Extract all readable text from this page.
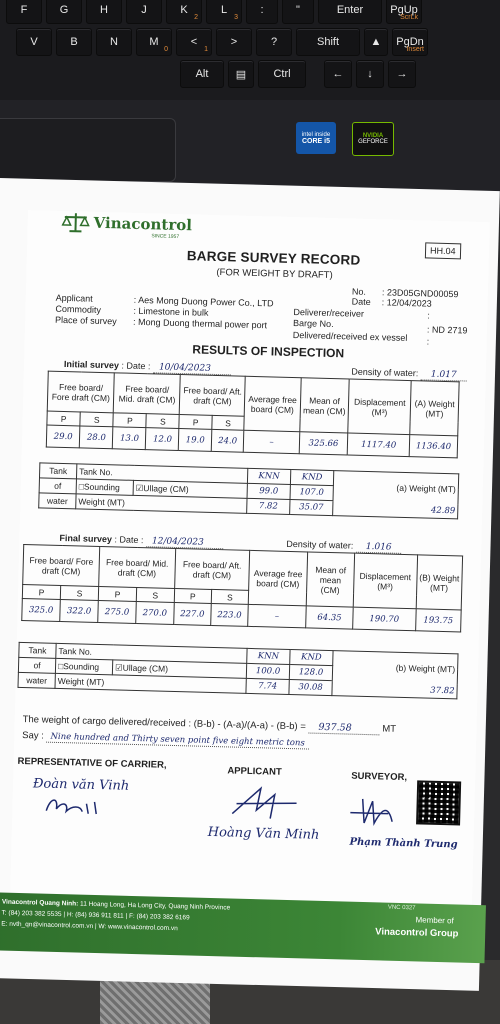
F	G	H	J	K
2
L
3
:	"	Enter PgUp
ScrLk
V	B	N	M
0
<
1
>	?	Shift	▲	PgDn
Insert
Alt	▤	Ctrl	←	↓	→
intel inside
CORE i5
NVIDIA
GEFORCE
Vinacontrol
SINCE 1957
HH.04
BARGE SURVEY RECORD
(FOR WEIGHT BY DRAFT)
No. : 23D05GND00059
Date : 12/04/2023
Applicant	: Aes Mong Duong Power Co., LTD
Commodity	: Limestone in bulk
Place of survey : Mong Duong thermal power port
Deliverer/receiver	:
Barge No.
: ND 2719
Delivered/received ex vessel :
RESULTS OF INSPECTION
Initial survey : Date : 10/04/2023	Density of water: 1.017
Free board/ Fore draft (CM)		Free board/ Mid. draft (CM)		Free board/ Aft. draft (CM)		Average free board (CM)	Mean of mean (CM)	Displacement (M³)	(A) Weight (MT)
P	S	P	S	P	S				
29.0	28.0	13.0	12.0	19.0	24.0	–	325.66	1117.40	1136.40
Tank	Tank No.		KNN	KND	(a) Weight (MT)
of	□Sounding	☑Ullage (CM)	99.0	107.0	
water	Weight (MT)		7.82	35.07	42.89
Final survey : Date : 12/04/2023	Density of water: 1.016
Free board/ Fore draft (CM)		Free board/ Mid. draft (CM)		Free board/ Aft. draft (CM)		Average free board (CM)	Mean of mean (CM)	Displacement (M³)	(B) Weight (MT)
P	S	P	S	P	S				
325.0	322.0	275.0	270.0	227.0	223.0	–	64.35	190.70	193.75
Tank	Tank No.		KNN	KND	(b) Weight (MT)
of	□Sounding	☑Ullage (CM)	100.0	128.0	
water	Weight (MT)		7.74	30.08	37.82
The weight of cargo delivered/received : (B-b) - (A-a)/(A-a) - (B-b) = 937.58	MT
Say : Nine hundred and Thirty seven point five eight metric tons
REPRESENTATIVE OF CARRIER,
APPLICANT	SURVEYOR,
Đoàn văn Vinh
Hoàng Văn Minh
Phạm Thành Trung
VNC 0327
Vinacontrol Quang Ninh: 11 Hoang Long, Ha Long City, Quang Ninh Province
T: (84) 203 382 5535 | H: (84) 936 911 811 | F: (84) 203 382 6169
E: nvth_qn@vinacontrol.com.vn | W: www.vinacontrol.com.vn
Member of
Vinacontrol Group
